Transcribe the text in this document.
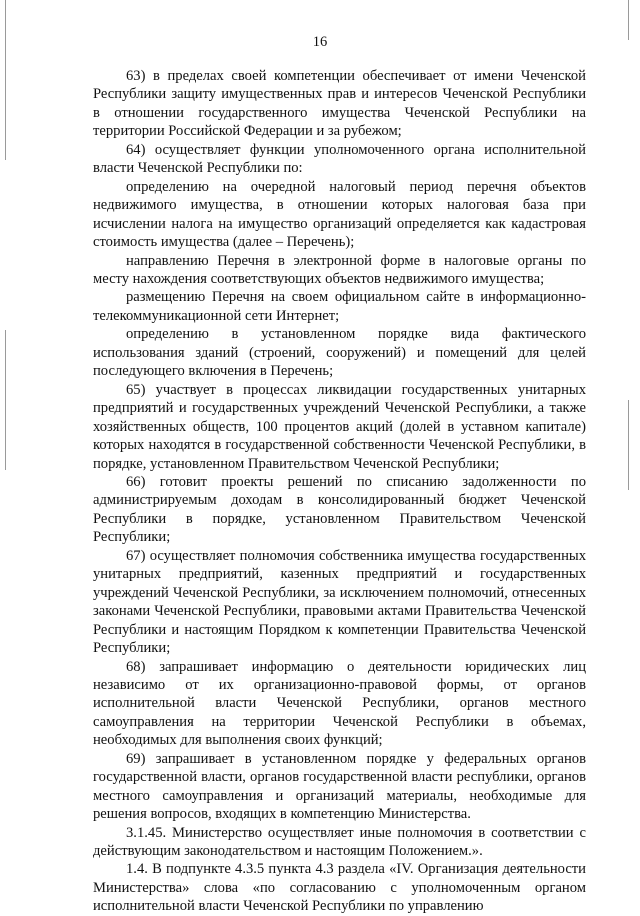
16

63) в пределах своей компетенции обеспечивает от имени Чеченской Республики защиту имущественных прав и интересов Чеченской Республики в отношении государственного имущества Чеченской Республики на территории Российской Федерации и за рубежом;

64) осуществляет функции уполномоченного органа исполнительной власти Чеченской Республики по:

определению на очередной налоговый период перечня объектов недвижимого имущества, в отношении которых налоговая база при исчислении налога на имущество организаций определяется как кадастровая стоимость имущества (далее – Перечень);

направлению Перечня в электронной форме в налоговые органы по месту нахождения соответствующих объектов недвижимого имущества;

размещению Перечня на своем официальном сайте в информационно-телекоммуникационной сети Интернет;

определению в установленном порядке вида фактического использования зданий (строений, сооружений) и помещений для целей последующего включения в Перечень;

65) участвует в процессах ликвидации государственных унитарных предприятий и государственных учреждений Чеченской Республики, а также хозяйственных обществ, 100 процентов акций (долей в уставном капитале) которых находятся в государственной собственности Чеченской Республики, в порядке, установленном Правительством Чеченской Республики;

66) готовит проекты решений по списанию задолженности по администрируемым доходам в консолидированный бюджет Чеченской Республики в порядке, установленном Правительством Чеченской Республики;

67) осуществляет полномочия собственника имущества государственных унитарных предприятий, казенных предприятий и государственных учреждений Чеченской Республики, за исключением полномочий, отнесенных законами Чеченской Республики, правовыми актами Правительства Чеченской Республики и настоящим Порядком к компетенции Правительства Чеченской Республики;

68) запрашивает информацию о деятельности юридических лиц независимо от их организационно-правовой формы, от органов исполнительной власти Чеченской Республики, органов местного самоуправления на территории Чеченской Республики в объемах, необходимых для выполнения своих функций;

69) запрашивает в установленном порядке у федеральных органов государственной власти, органов государственной власти республики, органов местного самоуправления и организаций материалы, необходимые для решения вопросов, входящих в компетенцию Министерства.

3.1.45. Министерство осуществляет иные полномочия в соответствии с действующим законодательством и настоящим Положением.».

1.4. В подпункте 4.3.5 пункта 4.3 раздела «IV. Организация деятельности Министерства» слова «по согласованию с уполномоченным органом исполнительной власти Чеченской Республики по управлению
